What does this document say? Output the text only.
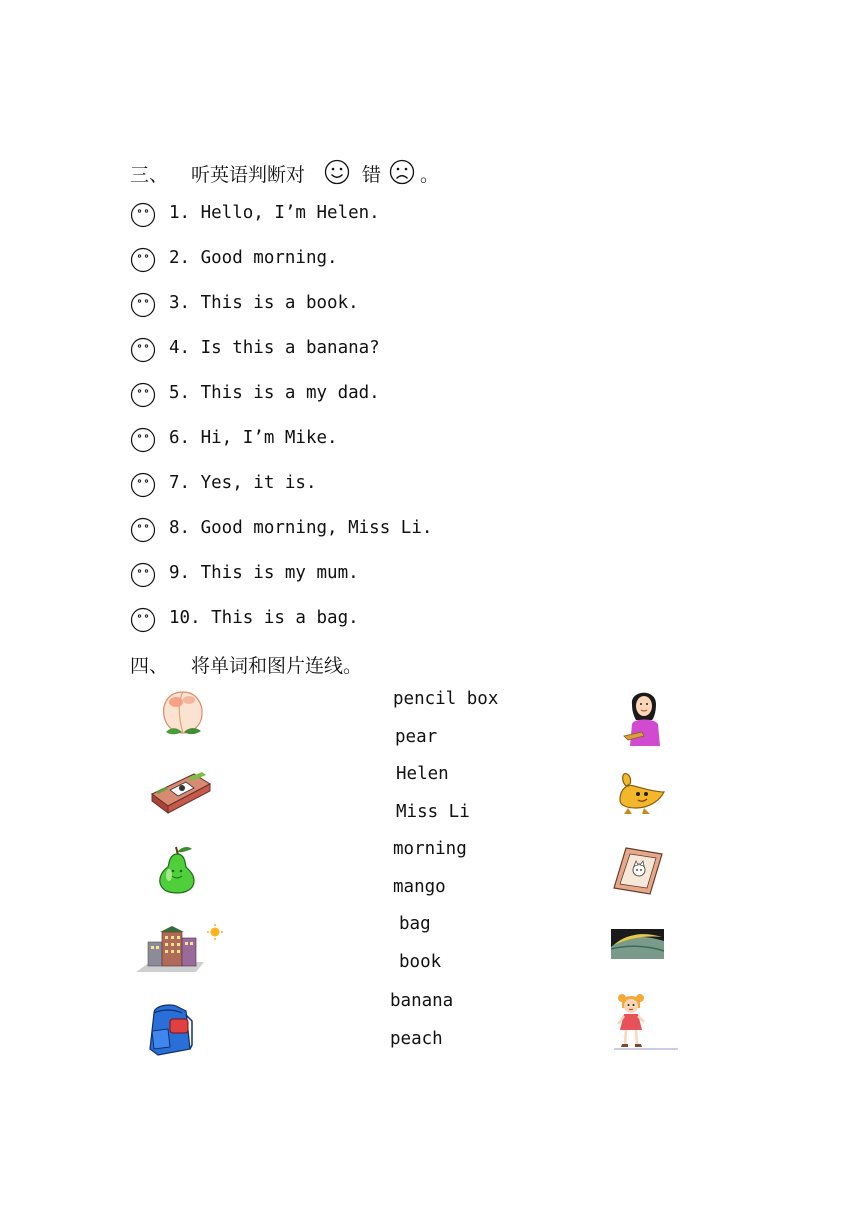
三、 听英语判断对	错 。
1. Hello, I’m Helen.
2. Good morning.
3. This is a book.
4. Is this a banana?
5. This is a my dad.
6. Hi, I’m Mike.
7. Yes, it is.
8. Good morning, Miss Li.
9. This is my mum.
10. This is a bag.
四、 将单词和图片连线。
pencil box
pear
Helen
Miss Li
morning
mango
bag
book
banana
peach
